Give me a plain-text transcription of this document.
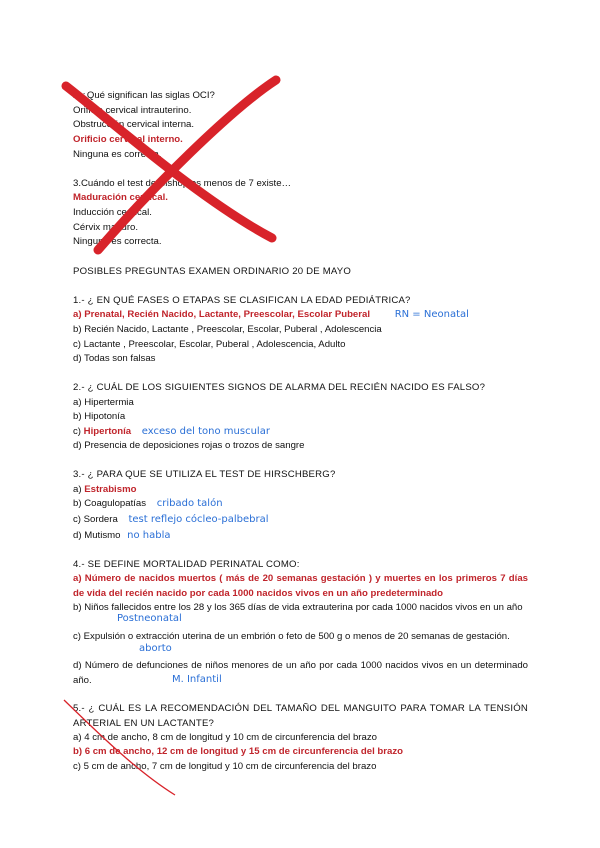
2.¿Qué significan las siglas OCI?
Orificio cervical intrauterino.
Obstrucción cervical interna.
Orificio cervical interno.
Ninguna es correcta.
3.Cuándo el test de Bishop es menos de 7 existe…
Maduración cervical.
Inducción cervical.
Cérvix maduro.
Ninguna es correcta.
POSIBLES PREGUNTAS EXAMEN ORDINARIO 20 DE MAYO
1.- ¿ EN QUÉ FASES O ETAPAS SE CLASIFICAN LA EDAD PEDIÁTRICA?
a) Prenatal, Recién Nacido, Lactante, Preescolar, Escolar Puberal RN = Neonatal
b) Recién Nacido, Lactante , Preescolar, Escolar, Puberal , Adolescencia
c) Lactante , Preescolar, Escolar, Puberal , Adolescencia, Adulto
d) Todas son falsas
2.- ¿ CUÁL DE LOS SIGUIENTES SIGNOS DE ALARMA DEL RECIÉN NACIDO ES FALSO?
a) Hipertermia
b) Hipotonía
c) Hipertonía exceso del tono muscular
d) Presencia de deposiciones rojas o trozos de sangre
3.- ¿ PARA QUE SE UTILIZA EL TEST DE HIRSCHBERG?
a) Estrabismo
b) Coagulopatías cribado talón
c) Sordera test reflejo cócleo-palbebral
d) Mutismo no habla
4.- SE DEFINE MORTALIDAD PERINATAL COMO:
a) Número de nacidos muertos ( más de 20 semanas gestación ) y muertes en los primeros 7 días de vida del recién nacido por cada 1000 nacidos vivos en un año predeterminado
b) Niños fallecidos entre los 28 y los 365 días de vida extrauterina por cada 1000 nacidos vivos en un año
Postneonatal
c) Expulsión o extracción uterina de un embrión o feto de 500 g o menos de 20 semanas de gestación.
aborto
d) Número de defunciones de niños menores de un año por cada 1000 nacidos vivos en un determinado año.	M. Infantil
5.- ¿ CUÁL ES LA RECOMENDACIÓN DEL TAMAÑO DEL MANGUITO PARA TOMAR LA TENSIÓN ARTERIAL EN UN LACTANTE?
a) 4 cm de ancho, 8 cm de longitud y 10 cm de circunferencia del brazo
b) 6 cm de ancho, 12 cm de longitud y 15 cm de circunferencia del brazo
c) 5 cm de ancho, 7 cm de longitud y 10 cm de circunferencia del brazo
